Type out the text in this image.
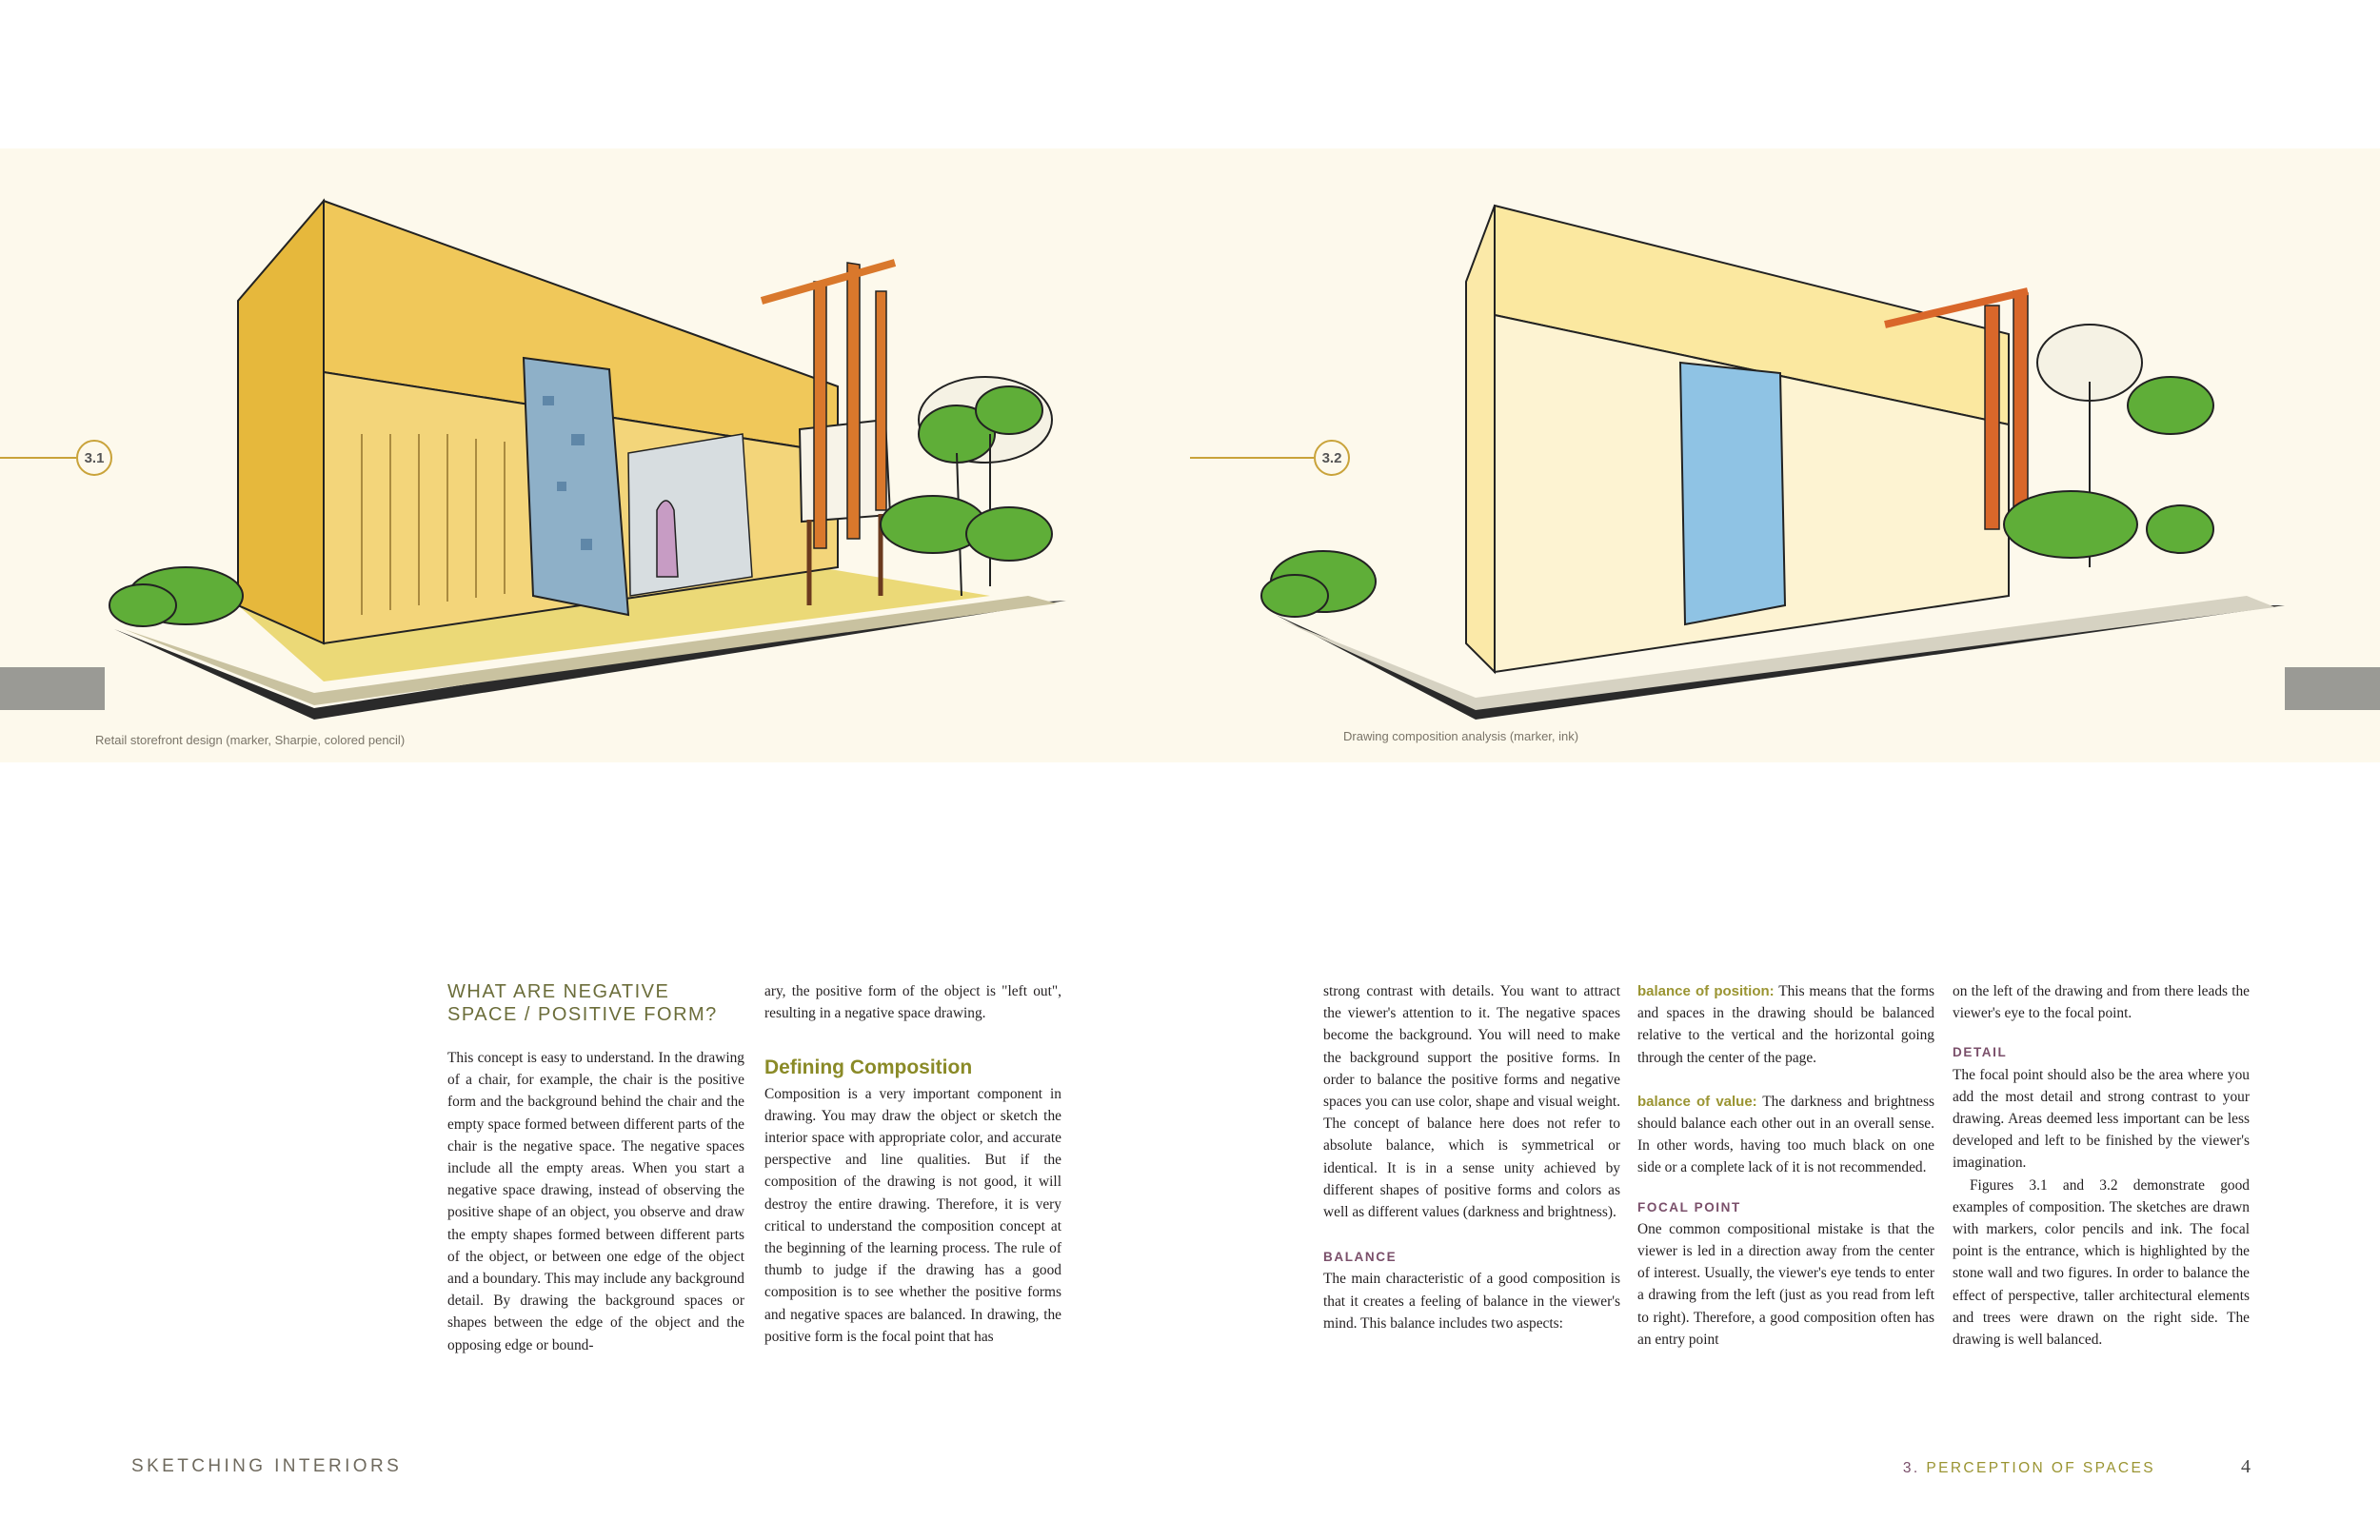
3.1
Retail storefront design (marker, Sharpie, colored pencil)
3.2
Drawing composition analysis (marker, ink)
WHAT ARE NEGATIVE
SPACE / POSITIVE FORM?

This concept is easy to understand. In the drawing of a chair, for example, the chair is the positive form and the background behind the chair and the empty space formed between different parts of the chair is the negative space. The negative spaces include all the empty areas. When you start a negative space drawing, instead of observing the positive shape of an object, you observe and draw the empty shapes formed between different parts of the object, or between one edge of the object and a boundary. This may include any background detail. By drawing the background spaces or shapes between the edge of the object and the opposing edge or bound-

ary, the positive form of the object is "left out", resulting in a negative space drawing.

Defining Composition

Composition is a very important component in drawing. You may draw the object or sketch the interior space with appropriate color, and accurate perspective and line qualities. But if the composition of the drawing is not good, it will destroy the entire drawing. Therefore, it is very critical to understand the composition concept at the beginning of the learning process. The rule of thumb to judge if the drawing has a good composition is to see whether the positive forms and negative spaces are balanced. In drawing, the positive form is the focal point that has

strong contrast with details. You want to attract the viewer's attention to it. The negative spaces become the background. You will need to make the background support the positive forms. In order to balance the positive forms and negative spaces you can use color, shape and visual weight. The concept of balance here does not refer to absolute balance, which is symmetrical or identical. It is in a sense unity achieved by different shapes of positive forms and colors as well as different values (darkness and brightness).

BALANCE

The main characteristic of a good composition is that it creates a feeling of balance in the viewer's mind. This balance includes two aspects:

balance of position: This means that the forms and spaces in the drawing should be balanced relative to the vertical and the horizontal going through the center of the page.

balance of value: The darkness and brightness should balance each other out in an overall sense. In other words, having too much black on one side or a complete lack of it is not recommended.

FOCAL POINT

One common compositional mistake is that the viewer is led in a direction away from the center of interest. Usually, the viewer's eye tends to enter a drawing from the left (just as you read from left to right). Therefore, a good composition often has an entry point

on the left of the drawing and from there leads the viewer's eye to the focal point.

DETAIL

The focal point should also be the area where you add the most detail and strong contrast to your drawing. Areas deemed less important can be less developed and left to be finished by the viewer's imagination.

Figures 3.1 and 3.2 demonstrate good examples of composition. The sketches are drawn with markers, color pencils and ink. The focal point is the entrance, which is highlighted by the stone wall and two figures. In order to balance the effect of perspective, taller architectural elements and trees were drawn on the right side. The drawing is well balanced.

SKETCHING INTERIORS	3. PERCEPTION OF SPACES	4
